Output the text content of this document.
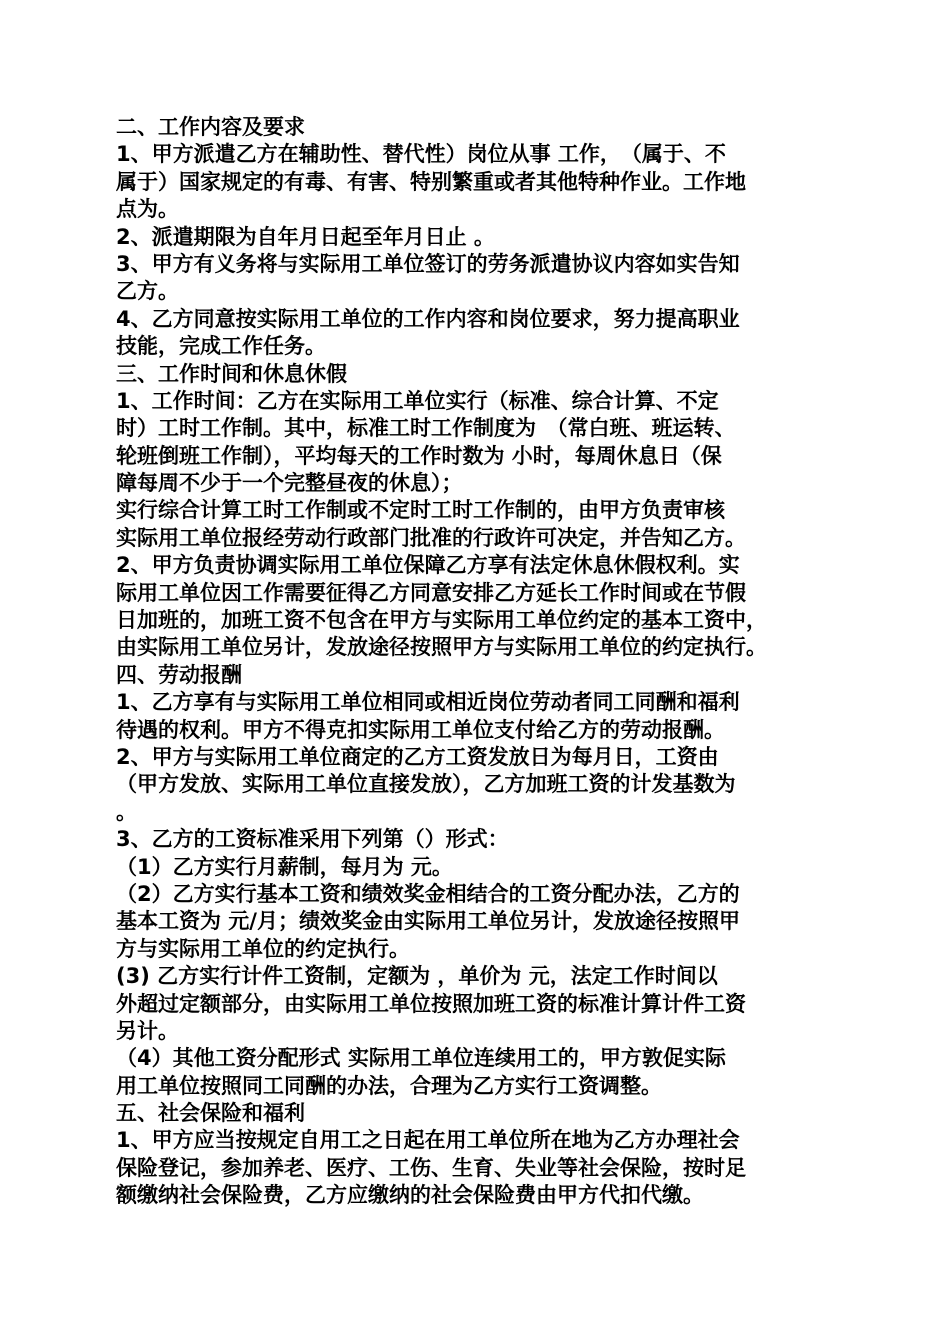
二、工作内容及要求
1、甲方派遣乙方在辅助性、替代性）岗位从事 工作，　（属于、不
属于）国家规定的有毒、有害、特别繁重或者其他特种作业。工作地
点为。
2、派遣期限为自年月日起至年月日止 。
3、甲方有义务将与实际用工单位签订的劳务派遣协议内容如实告知
乙方。
4、乙方同意按实际用工单位的工作内容和岗位要求，努力提高职业
技能，完成工作任务。
三、工作时间和休息休假
1、工作时间：乙方在实际用工单位实行（标准、综合计算、不定
时）工时工作制。其中，标准工时工作制度为　（常白班、班运转、
轮班倒班工作制），平均每天的工作时数为 小时，每周休息日（保
障每周不少于一个完整昼夜的休息）；
实行综合计算工时工作制或不定时工时工作制的，由甲方负责审核
实际用工单位报经劳动行政部门批准的行政许可决定，并告知乙方。
2、甲方负责协调实际用工单位保障乙方享有法定休息休假权利。实
际用工单位因工作需要征得乙方同意安排乙方延长工作时间或在节假
日加班的，加班工资不包含在甲方与实际用工单位约定的基本工资中，
由实际用工单位另计，发放途径按照甲方与实际用工单位的约定执行。
四、劳动报酬
1、乙方享有与实际用工单位相同或相近岗位劳动者同工同酬和福利
待遇的权利。甲方不得克扣实际用工单位支付给乙方的劳动报酬。
2、甲方与实际用工单位商定的乙方工资发放日为每月日，工资由
（甲方发放、实际用工单位直接发放），乙方加班工资的计发基数为
。
3、乙方的工资标准采用下列第（）形式：
（1）乙方实行月薪制，每月为 元。
（2）乙方实行基本工资和绩效奖金相结合的工资分配办法，乙方的
基本工资为 元/月；绩效奖金由实际用工单位另计，发放途径按照甲
方与实际用工单位的约定执行。
(3) 乙方实行计件工资制，定额为 ，单价为 元，法定工作时间以
外超过定额部分，由实际用工单位按照加班工资的标准计算计件工资
另计。
（4）其他工资分配形式 实际用工单位连续用工的，甲方敦促实际
用工单位按照同工同酬的办法，合理为乙方实行工资调整。
五、社会保险和福利
1、甲方应当按规定自用工之日起在用工单位所在地为乙方办理社会
保险登记，参加养老、医疗、工伤、生育、失业等社会保险，按时足
额缴纳社会保险费，乙方应缴纳的社会保险费由甲方代扣代缴。
